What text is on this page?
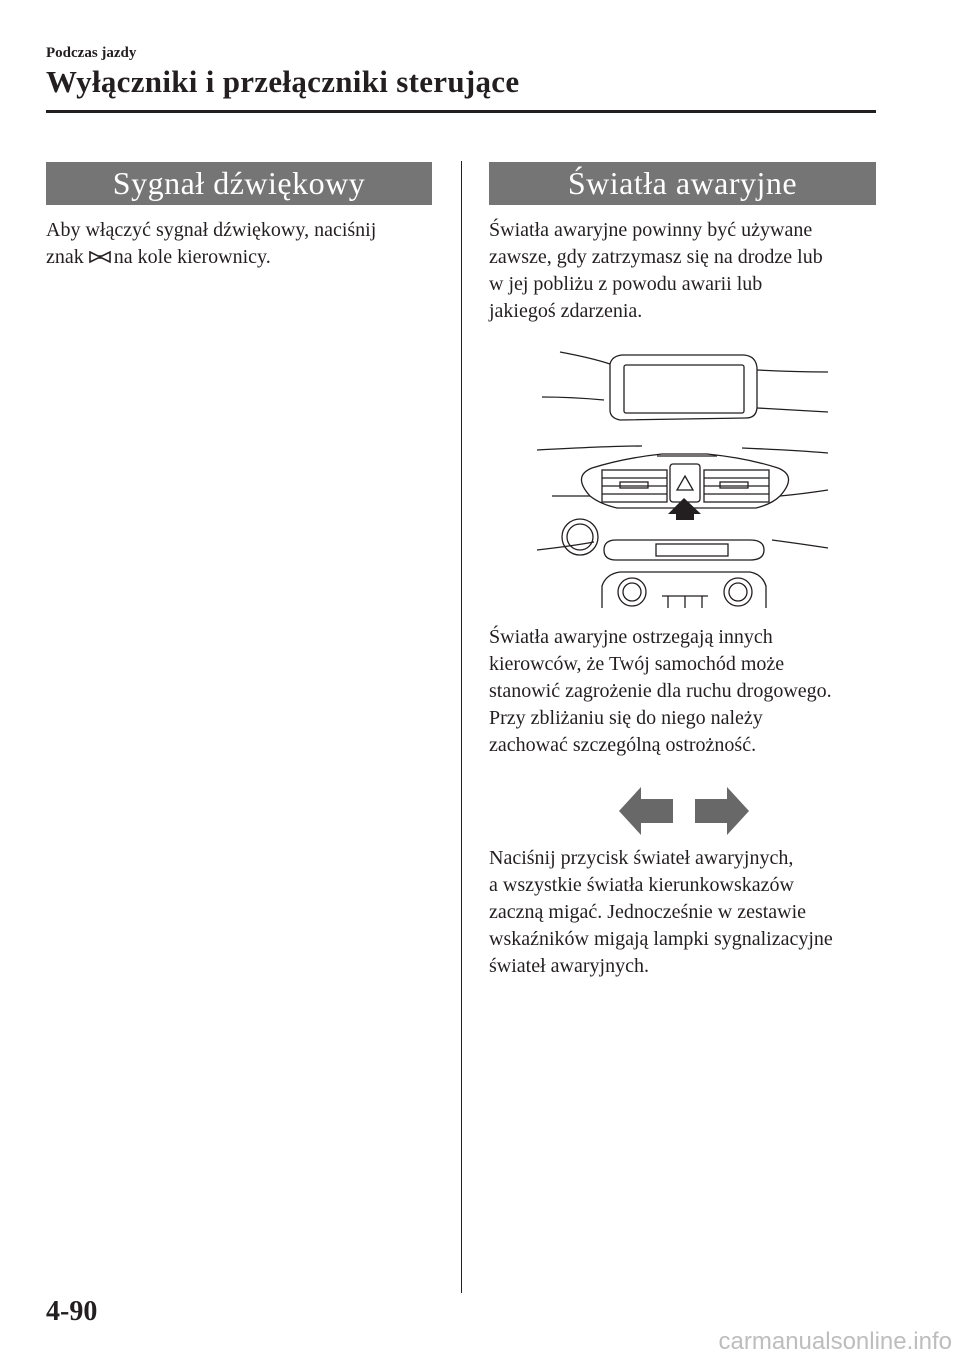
Podczas jazdy
Wyłączniki i przełączniki sterujące
Sygnał dźwiękowy
Aby włączyć sygnał dźwiękowy, naciśnij
znak na kole kierownicy.
Światła awaryjne
Światła awaryjne powinny być używane
zawsze, gdy zatrzymasz się na drodze lub
w jej pobliżu z powodu awarii lub
jakiegoś zdarzenia.
Światła awaryjne ostrzegają innych
kierowców, że Twój samochód może
stanowić zagrożenie dla ruchu drogowego.
Przy zbliżaniu się do niego należy
zachować szczególną ostrożność.
Naciśnij przycisk świateł awaryjnych,
a wszystkie światła kierunkowskazów
zaczną migać. Jednocześnie w zestawie
wskaźników migają lampki sygnalizacyjne
świateł awaryjnych.
4-90
carmanualsonline.info
